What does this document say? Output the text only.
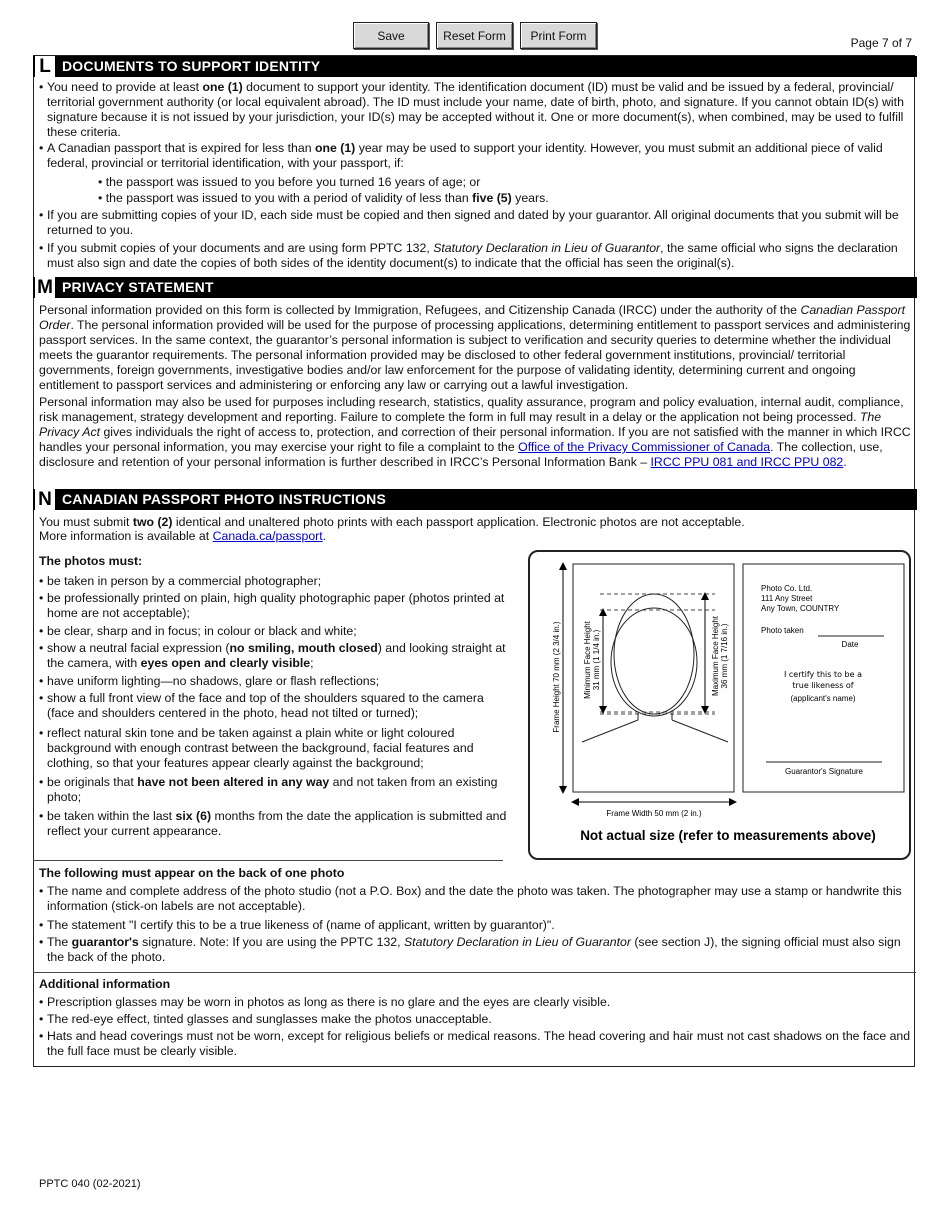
Save	Reset Form	Print Form
Page 7 of 7
L DOCUMENTS TO SUPPORT IDENTITY
• You need to provide at least one (1) document to support your identity. The identification document (ID) must be valid and be issued by a federal, provincial/ territorial government authority (or local equivalent abroad). The ID must include your name, date of birth, photo, and signature. If you cannot obtain ID(s) with signature because it is not issued by your jurisdiction, your ID(s) may be accepted without it. One or more document(s), when combined, may be used to fulfill these criteria.
• A Canadian passport that is expired for less than one (1) year may be used to support your identity. However, you must submit an additional piece of valid federal, provincial or territorial identification, with your passport, if:
• the passport was issued to you before you turned 16 years of age; or
• the passport was issued to you with a period of validity of less than five (5) years.
• If you are submitting copies of your ID, each side must be copied and then signed and dated by your guarantor. All original documents that you submit will be returned to you.
• If you submit copies of your documents and are using form PPTC 132, Statutory Declaration in Lieu of Guarantor, the same official who signs the declaration must also sign and date the copies of both sides of the identity document(s) to indicate that the official has seen the original(s).
M PRIVACY STATEMENT

Personal information provided on this form is collected by Immigration, Refugees, and Citizenship Canada (IRCC) under the authority of the Canadian Passport Order. The personal information provided will be used for the purpose of processing applications, determining entitlement to passport services and administering passport services. In the same context, the guarantor’s personal information is subject to verification and security queries to determine whether the individual meets the guarantor requirements. The personal information provided may be disclosed to other federal government institutions, provincial/ territorial governments, foreign governments, investigative bodies and/or law enforcement for the purpose of validating identity, determining current and ongoing entitlement to passport services and administering or enforcing any law or carrying out a lawful investigation.

Personal information may also be used for purposes including research, statistics, quality assurance, program and policy evaluation, internal audit, compliance, risk management, strategy development and reporting. Failure to complete the form in full may result in a delay or the application not being processed. The Privacy Act gives individuals the right of access to, protection, and correction of their personal information. If you are not satisfied with the manner in which IRCC handles your personal information, you may exercise your right to file a complaint to the Office of the Privacy Commissioner of Canada. The collection, use, disclosure and retention of your personal information is further described in IRCC’s Personal Information Bank – IRCC PPU 081 and IRCC PPU 082.

N CANADIAN PASSPORT PHOTO INSTRUCTIONS

You must submit two (2) identical and unaltered photo prints with each passport application. Electronic photos are not acceptable.

More information is available at Canada.ca/passport.

The photos must:
• be taken in person by a commercial photographer;
• be professionally printed on plain, high quality photographic paper (photos printed at home are not acceptable);
• be clear, sharp and in focus; in colour or black and white;
• show a neutral facial expression (no smiling, mouth closed) and looking straight at the camera, with eyes open and clearly visible;
• have uniform lighting—no shadows, glare or flash reflections;
• show a full front view of the face and top of the shoulders squared to the camera (face and shoulders centered in the photo, head not tilted or turned);
• reflect natural skin tone and be taken against a plain white or light coloured background with enough contrast between the background, facial features and clothing, so that your features appear clearly against the background;
• be originals that have not been altered in any way and not taken from an existing photo;
• be taken within the last six (6) months from the date the application is submitted and reflect your current appearance.
Frame Height 70 mm (2 3/4 in.)	Minimum Face Height 31 mm (1 1/4 in.)	Maximum Face Height 36 mm (1 7/16 in.)
Frame Width 50 mm (2 in.)
Photo Co. Ltd.
111 Any Street
Any Town, COUNTRY
Photo taken
Date
I certify this to be a
true likeness of
(applicant's name)
Guarantor's Signature
Not actual size (refer to measurements above)
The following must appear on the back of one photo
• The name and complete address of the photo studio (not a P.O. Box) and the date the photo was taken. The photographer may use a stamp or handwrite this information (stick-on labels are not acceptable).
• The statement "I certify this to be a true likeness of (name of applicant, written by guarantor)".
• The guarantor's signature. Note: If you are using the PPTC 132, Statutory Declaration in Lieu of Guarantor (see section J), the signing official must also sign the back of the photo.
Additional information
• Prescription glasses may be worn in photos as long as there is no glare and the eyes are clearly visible.
• The red-eye effect, tinted glasses and sunglasses make the photos unacceptable.
• Hats and head coverings must not be worn, except for religious beliefs or medical reasons. The head covering and hair must not cast shadows on the face and the full face must be clearly visible.
PPTC 040 (02-2021)
